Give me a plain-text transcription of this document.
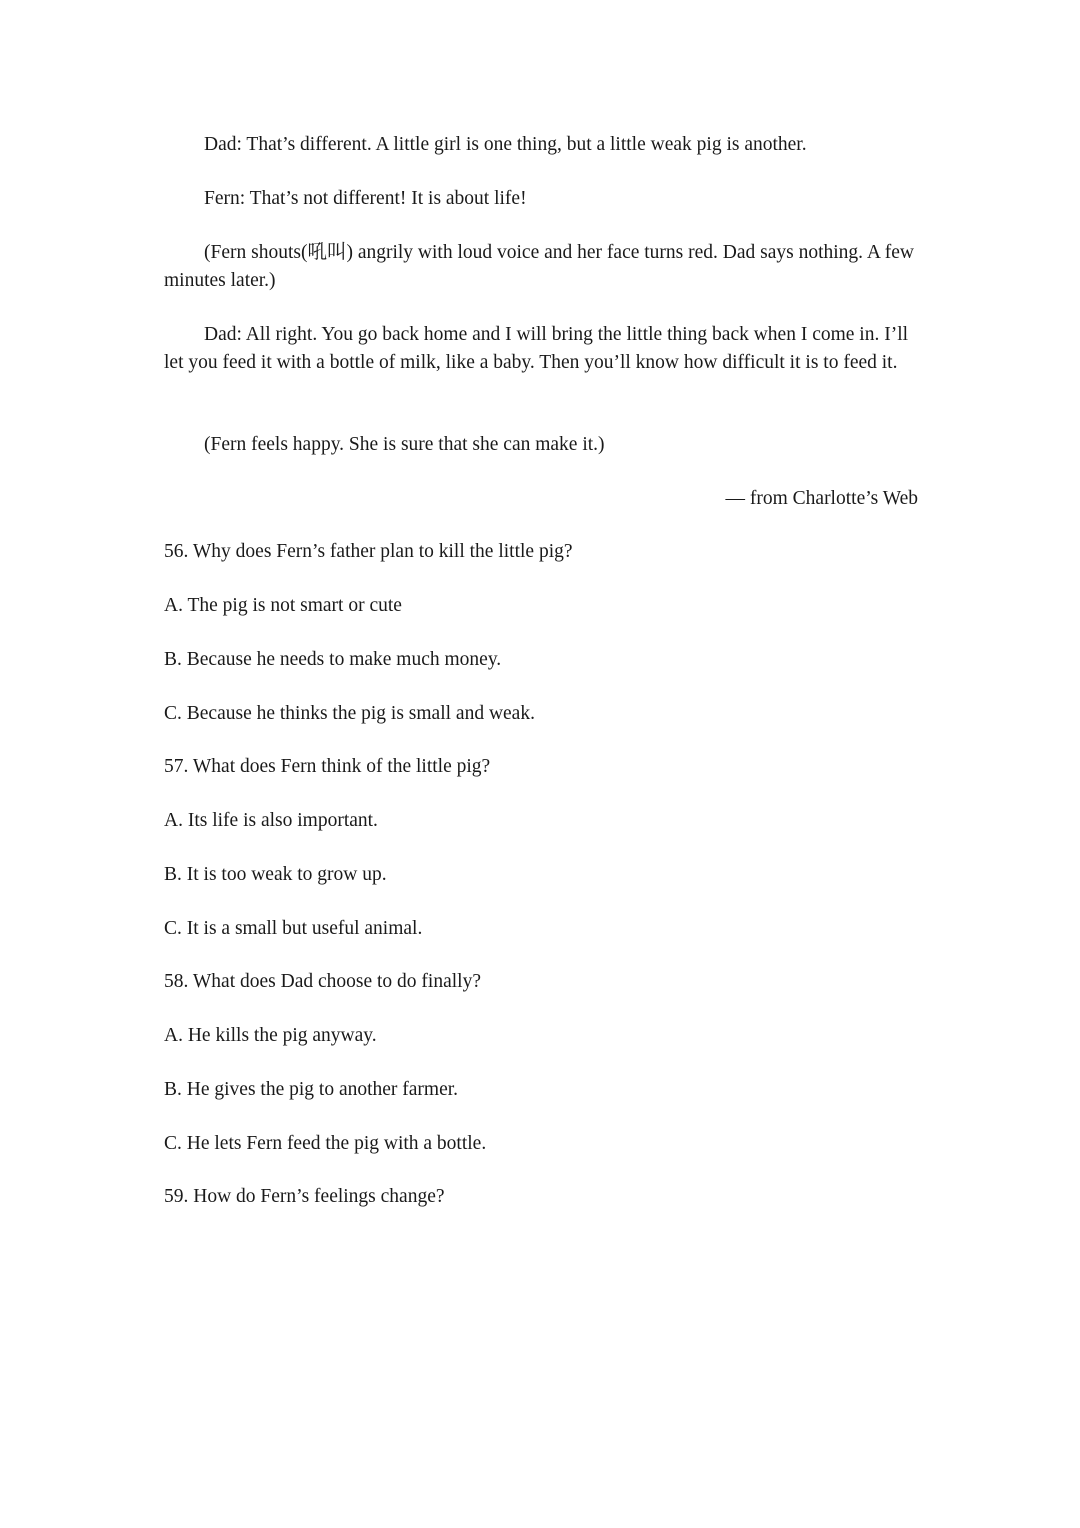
Dad: That’s different. A little girl is one thing, but a little weak pig is another.
Fern: That’s not different! It is about life!
(Fern shouts(吼叫) angrily with loud voice and her face turns red. Dad says nothing. A few minutes later.)
Dad: All right. You go back home and I will bring the little thing back when I come in. I’ll let you feed it with a bottle of milk, like a baby. Then you’ll know how difficult it is to feed it.
(Fern feels happy. She is sure that she can make it.)
— from Charlotte’s Web
56. Why does Fern’s father plan to kill the little pig?
A. The pig is not smart or cute
B. Because he needs to make much money.
C. Because he thinks the pig is small and weak.
57. What does Fern think of the little pig?
A. Its life is also important.
B. It is too weak to grow up.
C. It is a small but useful animal.
58. What does Dad choose to do finally?
A. He kills the pig anyway.
B. He gives the pig to another farmer.
C. He lets Fern feed the pig with a bottle.
59. How do Fern’s feelings change?
